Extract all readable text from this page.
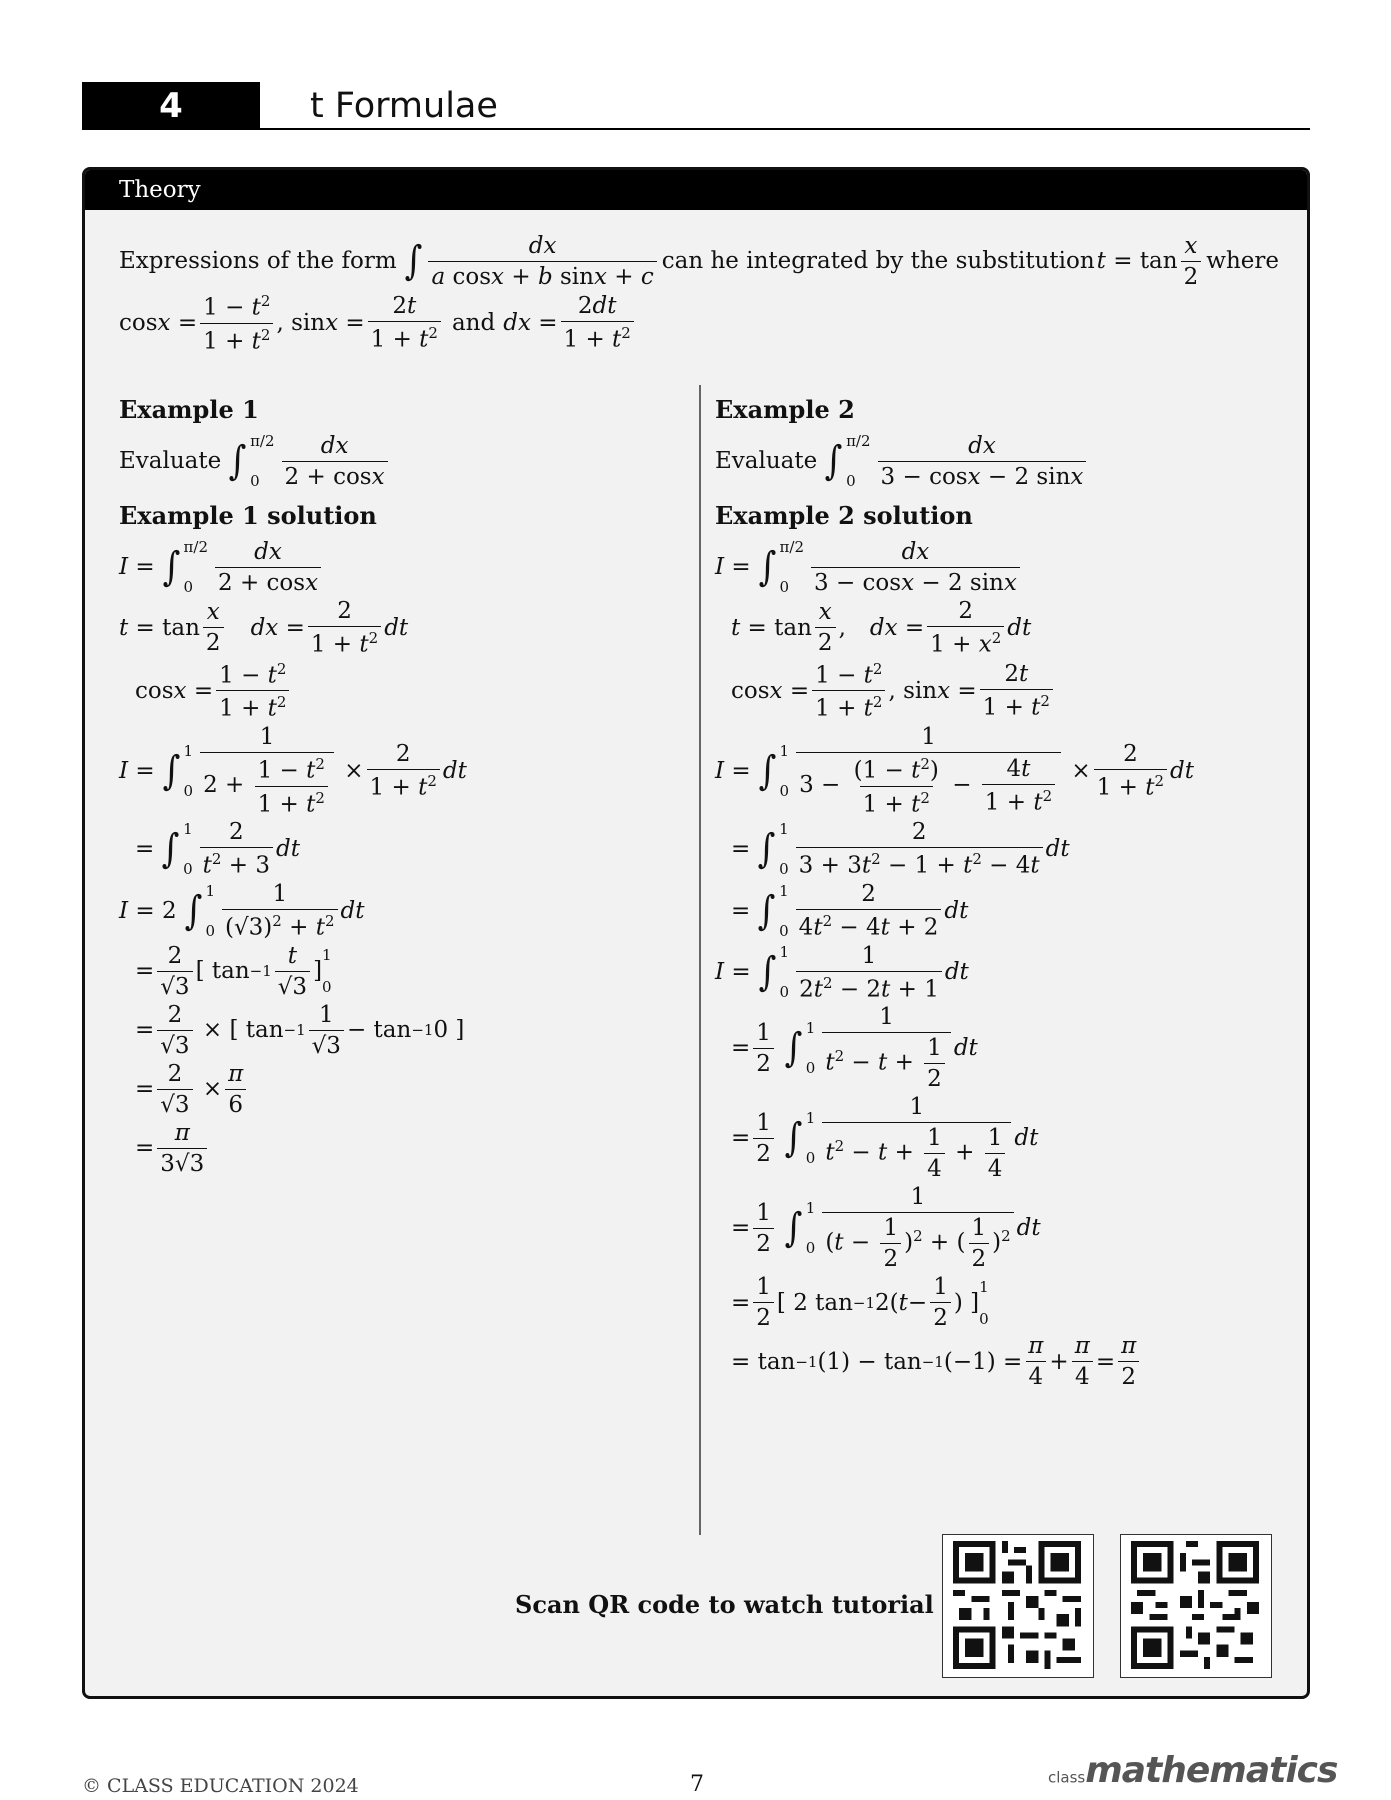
4	t Formulae
Theory
Expressions of the form ∫ $\frac{dx}{\text{a cosx + b sinx + c}}$ can he integrated by the substitution $t = \tan \frac{x}{2}$ where
$\cos x = \frac{1 - t^2}{1 + t^2}$ , $\sin x = \frac{2t}{1 + t^2}$ and dx = $\frac{2dt}{1 + t^2}$
Example 1
Evaluate ∫ π/2
$0 \frac{dx}{2 + \cos x}$
Example 1 solution
I = ∫ π/2
$0 \frac{dx}{2 + \cos x}$
$t = \tan \frac{x}{2}$ dx = $\frac{2}{1 + t^2}$ dt
$\cos x = \frac{1 - t^2}{1 + t^2}$
I = ∫ 1
$0 \frac{1}{2 + \frac{1 - t^2}{1 + t^2}} \times \frac{2}{1 + t^2}$ dt
= ∫ 1
$0 \frac{2}{t^2 + 3}$ dt
I = 2 ∫ 1
$0 \frac{1}{(√3)^2 + t^2}$ dt
= $\frac{2}{√3}$ [ $\tan -1 \frac{t}{√3}$ ]
1
0
= $\frac{2}{√3}$ × [ $\tan -1 \frac{1}{√3} - \tan -1$ 0 ]
= $\frac{2}{√3} \times \frac{\pi}{6}$
= $\frac{\pi}{3√3}$
Example 2
Evaluate ∫ π/2
$0 \frac{dx}{3 - \cos x - 2 \sin x}$
Example 2 solution
I = ∫ π/2
$0 \frac{dx}{3 - \cos x - 2 \sin x}$
$t = \tan \frac{x}{2}$ , dx = $\frac{2}{1 + x^2}$ dt
$\cos x = \frac{1 - t^2}{1 + t^2}$ , $\sin x = \frac{2t}{1 + t^2}$
I = ∫ 1
$0 \frac{1}{3 - \frac{(1 - t^2)}{1 + t^2} - \frac{4t}{1 + t^2}} \times \frac{2}{1 + t^2}$ dt
= ∫ 1
$0 \frac{2}{3 + 3t^2 - 1 + t^2 - 4t}$ dt
= ∫ 1
$0 \frac{2}{4t^2 - 4t + 2}$ dt
I = ∫ 1
$0 \frac{1}{2t^2 - 2t + 1}$ dt
= $\frac{1}{2}$ ∫ 1
$0 \frac{1}{t^2 - t + \frac{1}{2}}$ dt
= $\frac{1}{2}$ ∫ 1
$0 \frac{1}{t^2 - t + \frac{1}{4} + \frac{1}{4}}$ dt
= $\frac{1}{2}$ ∫ 1
$0 \frac{1}{(t - \frac{1}{2} )^2 + ( \frac{1}{2} )^2}$ dt
= $\frac{1}{2}$ [ 2 tan −1 2( $t - \frac{1}{2}$ ) ]
1
0
= tan −1 (1) − tan −1 $(-1) = \frac{\pi}{4} + \frac{\pi}{4} = \frac{\pi}{2}$
Scan QR code to watch tutorial
© CLASS EDUCATION 2024	7	classmathematics
